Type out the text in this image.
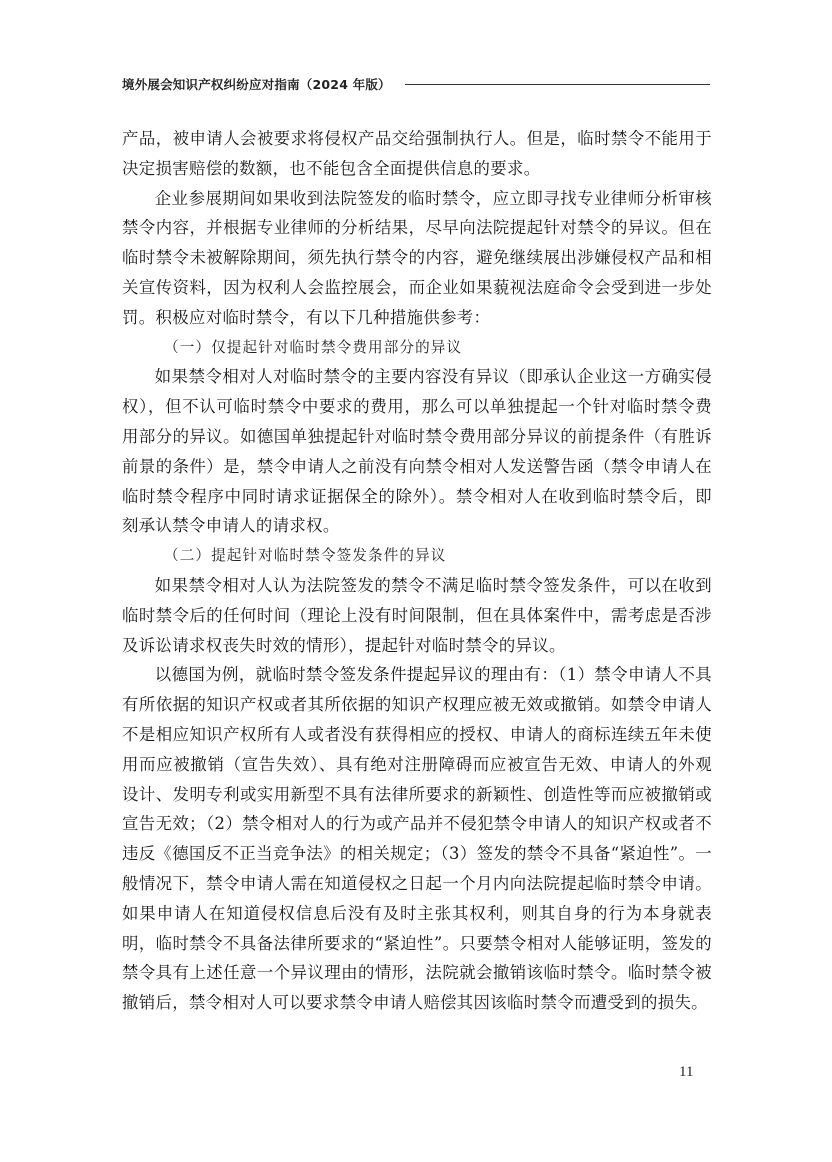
境外展会知识产权纠纷应对指南（2024 年版）

产品，被申请人会被要求将侵权产品交给强制执行人。但是，临时禁令不能用于决定损害赔偿的数额，也不能包含全面提供信息的要求。

企业参展期间如果收到法院签发的临时禁令，应立即寻找专业律师分析审核禁令内容，并根据专业律师的分析结果，尽早向法院提起针对禁令的异议。但在临时禁令未被解除期间，须先执行禁令的内容，避免继续展出涉嫌侵权产品和相关宣传资料，因为权利人会监控展会，而企业如果藐视法庭命令会受到进一步处罚。积极应对临时禁令，有以下几种措施供参考：

（一）仅提起针对临时禁令费用部分的异议

如果禁令相对人对临时禁令的主要内容没有异议（即承认企业这一方确实侵权），但不认可临时禁令中要求的费用，那么可以单独提起一个针对临时禁令费用部分的异议。如德国单独提起针对临时禁令费用部分异议的前提条件（有胜诉前景的条件）是，禁令申请人之前没有向禁令相对人发送警告函（禁令申请人在临时禁令程序中同时请求证据保全的除外）。禁令相对人在收到临时禁令后，即刻承认禁令申请人的请求权。

（二）提起针对临时禁令签发条件的异议

如果禁令相对人认为法院签发的禁令不满足临时禁令签发条件，可以在收到临时禁令后的任何时间（理论上没有时间限制，但在具体案件中，需考虑是否涉及诉讼请求权丧失时效的情形），提起针对临时禁令的异议。

以德国为例，就临时禁令签发条件提起异议的理由有：（1）禁令申请人不具有所依据的知识产权或者其所依据的知识产权理应被无效或撤销。如禁令申请人不是相应知识产权所有人或者没有获得相应的授权、申请人的商标连续五年未使用而应被撤销（宣告失效）、具有绝对注册障碍而应被宣告无效、申请人的外观设计、发明专利或实用新型不具有法律所要求的新颖性、创造性等而应被撤销或宣告无效；（2）禁令相对人的行为或产品并不侵犯禁令申请人的知识产权或者不违反《德国反不正当竞争法》的相关规定；（3）签发的禁令不具备“紧迫性”。一般情况下，禁令申请人需在知道侵权之日起一个月内向法院提起临时禁令申请。如果申请人在知道侵权信息后没有及时主张其权利，则其自身的行为本身就表明，临时禁令不具备法律所要求的“紧迫性”。只要禁令相对人能够证明，签发的禁令具有上述任意一个异议理由的情形，法院就会撤销该临时禁令。临时禁令被撤销后，禁令相对人可以要求禁令申请人赔偿其因该临时禁令而遭受到的损失。

11
